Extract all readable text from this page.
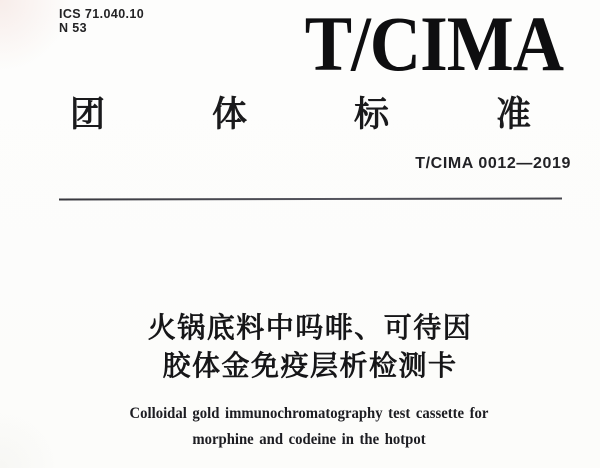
ICS 71.040.10
N 53	T/CIMA
团	体	标	准
T/CIMA 0012—2019
火锅底料中吗啡、可待因
胶体金免疫层析检测卡
Colloidal gold immunochromatography test cassette for
morphine and codeine in the hotpot
